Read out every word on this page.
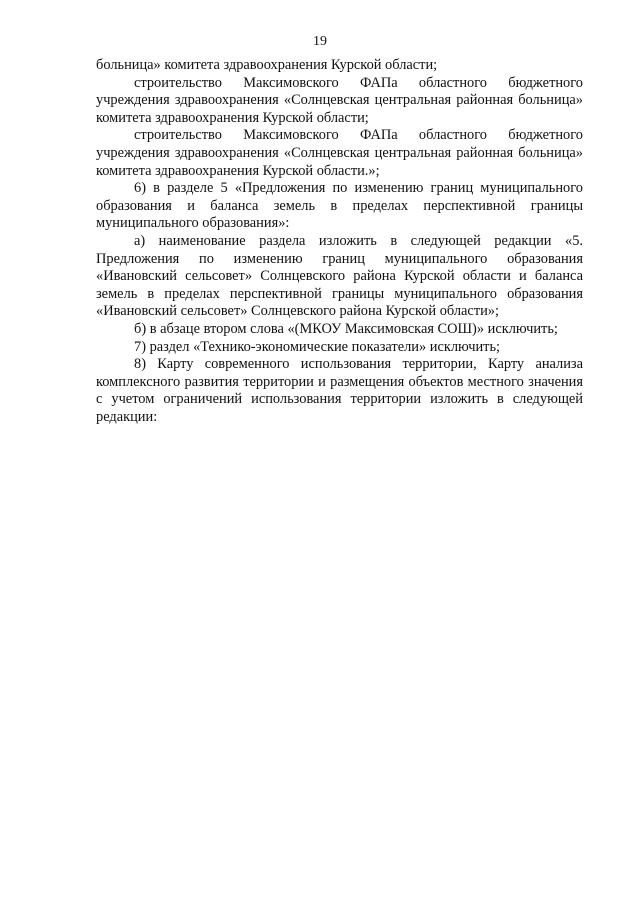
19

больница» комитета здравоохранения Курской области;

строительство Максимовского ФАПа областного бюджетного учреждения здравоохранения «Солнцевская центральная районная больница» комитета здравоохранения Курской области;

строительство Максимовского ФАПа областного бюджетного учреждения здравоохранения «Солнцевская центральная районная больница» комитета здравоохранения Курской области.»;

6) в разделе 5 «Предложения по изменению границ муниципального образования и баланса земель в пределах перспективной границы муниципального образования»:

а) наименование раздела изложить в следующей редакции «5. Предложения по изменению границ муниципального образования «Ивановский сельсовет» Солнцевского района Курской области и баланса земель в пределах перспективной границы муниципального образования «Ивановский сельсовет» Солнцевского района Курской области»;

б) в абзаце втором слова «(МКОУ Максимовская СОШ)» исключить;

7) раздел «Технико-экономические показатели» исключить;

8) Карту современного использования территории, Карту анализа комплексного развития территории и размещения объектов местного значения с учетом ограничений использования территории изложить в следующей редакции:
